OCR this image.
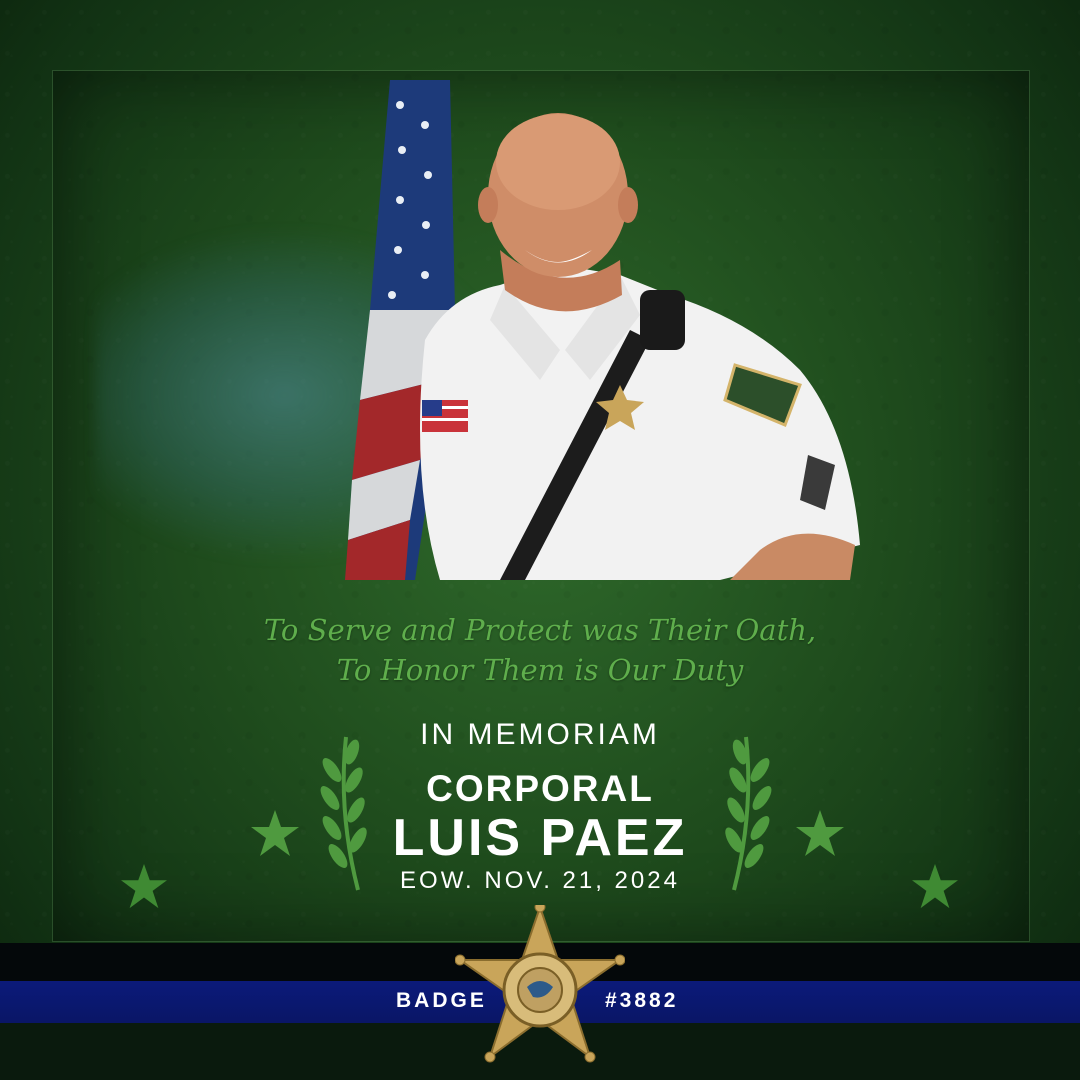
To Serve and Protect was Their Oath,
To Honor Them is Our Duty
IN MEMORIAM
CORPORAL
LUIS PAEZ
EOW. NOV. 21, 2024
BADGE	#3882
